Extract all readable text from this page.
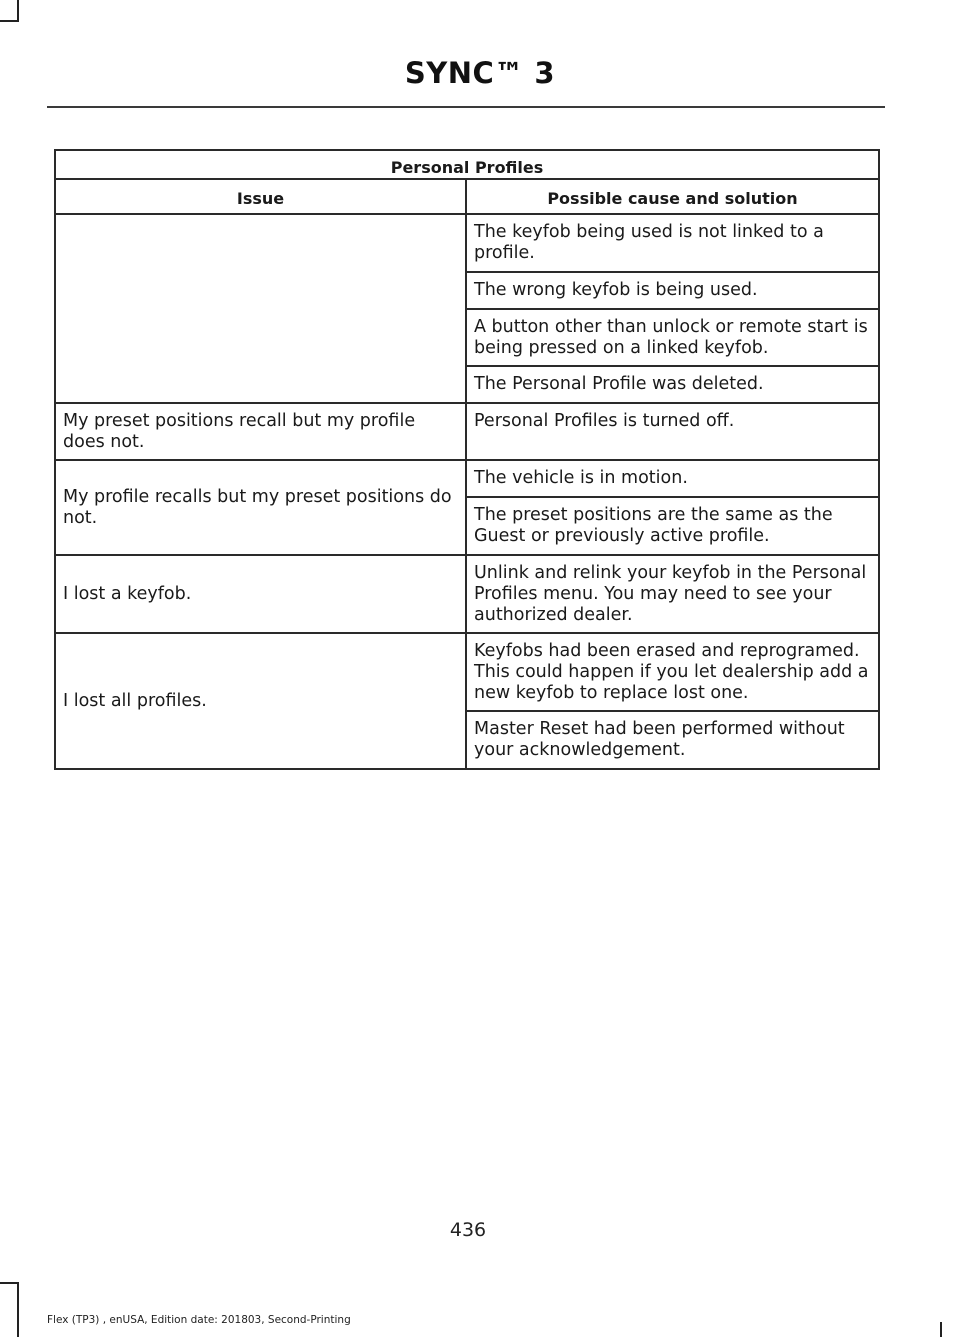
SYNC™ 3
Personal Profiles	
Issue	Possible cause and solution
	The keyfob being used is not linked to a profile.
	The wrong keyfob is being used.
	A button other than unlock or remote start is being pressed on a linked keyfob.
	The Personal Profile was deleted.
My preset positions recall but my profile does not.	Personal Profiles is turned off.
My profile recalls but my preset positions do not.	The vehicle is in motion.
	The preset positions are the same as the Guest or previously active profile.
I lost a keyfob.	Unlink and relink your keyfob in the Personal Profiles menu. You may need to see your authorized dealer.
I lost all profiles.	Keyfobs had been erased and reprogramed. This could happen if you let dealership add a new keyfob to replace lost one.
	Master Reset had been performed without your acknowledgement.
436
Flex (TP3) , enUSA, Edition date: 201803, Second-Printing
